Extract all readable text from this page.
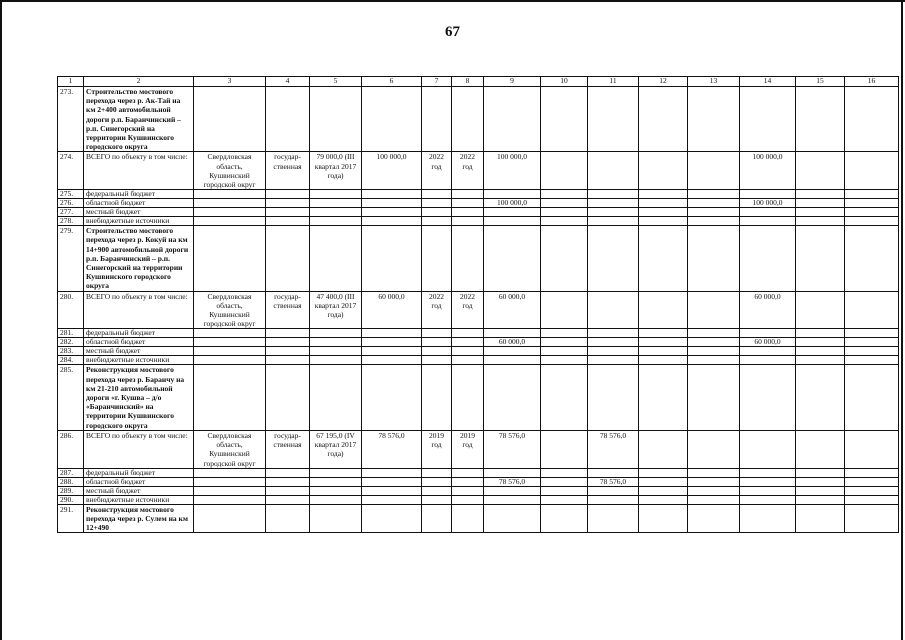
67
1	2	3	4	5	6	7	8	9	10	11	12	13	14	15	16
273.	Строительство мостового перехода через р. Ак-Тай на км 2+400 автомобильной дороги р.п. Баранчинский – р.п. Синегорский на территории Кушвинского городского округа														
274.	ВСЕГО по объекту в том числе:	Свердловская область, Кушвинский городской округ	государ- ственная	79 000,0 (III квартал 2017 года)	100 000,0	2022 год	2022 год	100 000,0					100 000,0		
275.	федеральный бюджет														
276.	областной бюджет							100 000,0					100 000,0		
277.	местный бюджет														
278.	внебюджетные источники														
279.	Строительство мостового перехода через р. Кокуй на км 14+900 автомобильной дороги р.п. Баранчинский – р.п. Синегорский на территории Кушвинского городского округа														
280.	ВСЕГО по объекту в том числе:	Свердловская область, Кушвинский городской округ	государ- ственная	47 400,0 (III квартал 2017 года)	60 000,0	2022 год	2022 год	60 000,0					60 000,0		
281.	федеральный бюджет														
282.	областной бюджет							60 000,0					60 000,0		
283.	местный бюджет														
284.	внебюджетные источники														
285.	Реконструкция мостового перехода через р. Баранчу на км 21-210 автомобильной дороги «г. Кушва – д/о «Баранчинский» на территории Кушвинского городского округа														
286.	ВСЕГО по объекту в том числе:	Свердловская область, Кушвинский городской округ	государ- ственная	67 195,0 (IV квартал 2017 года)	78 576,0	2019 год	2019 год	78 576,0		78 576,0					
287.	федеральный бюджет														
288.	областной бюджет							78 576,0		78 576,0					
289.	местный бюджет														
290.	внебюджетные источники														
291.	Реконструкция мостового перехода через р. Сулем на км 12+490														
